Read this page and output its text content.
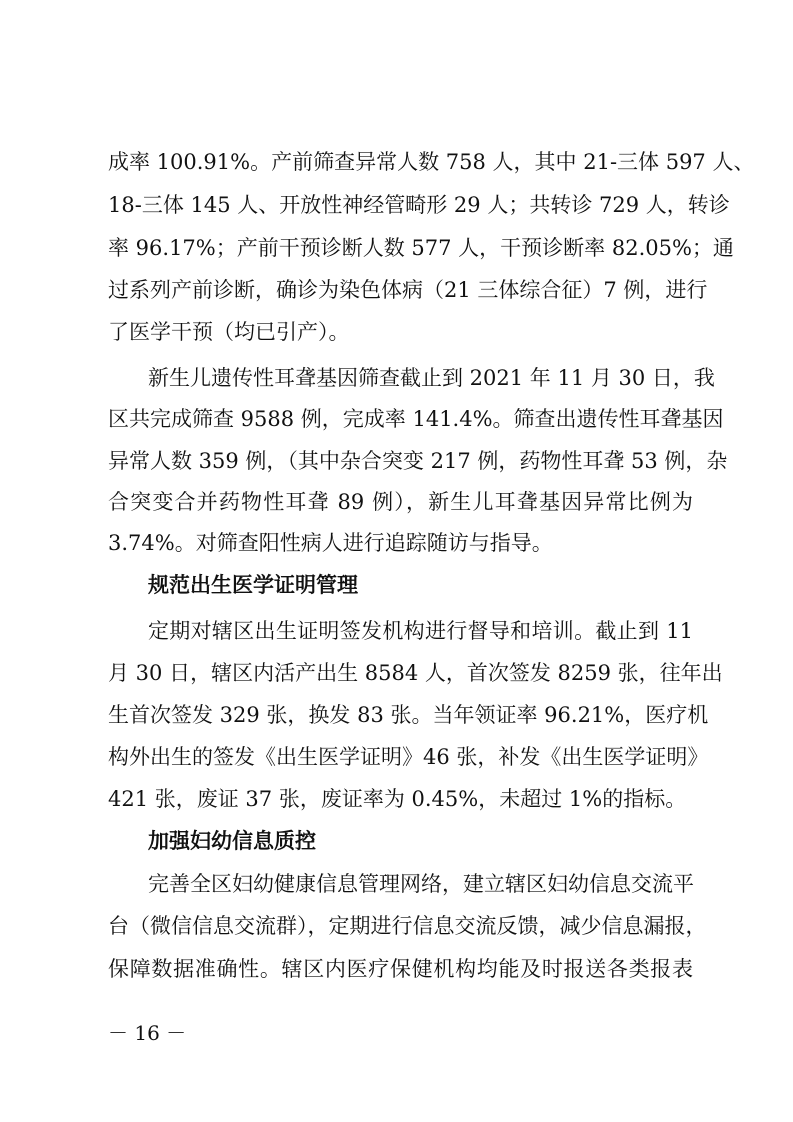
成率 100.91%。产前筛查异常人数 758 人，其中 21-三体 597 人、
18-三体 145 人、开放性神经管畸形 29 人；共转诊 729 人，转诊
率 96.17%；产前干预诊断人数 577 人，干预诊断率 82.05%；通
过系列产前诊断，确诊为染色体病（21 三体综合征）7 例，进行
了医学干预（均已引产）。
新生儿遗传性耳聋基因筛查截止到 2021 年 11 月 30 日，我
区共完成筛查 9588 例，完成率 141.4%。筛查出遗传性耳聋基因
异常人数 359 例，（其中杂合突变 217 例，药物性耳聋 53 例，杂
合突变合并药物性耳聋 89 例），新生儿耳聋基因异常比例为
3.74%。对筛查阳性病人进行追踪随访与指导。
规范出生医学证明管理
定期对辖区出生证明签发机构进行督导和培训。截止到 11
月 30 日，辖区内活产出生 8584 人，首次签发 8259 张，往年出
生首次签发 329 张，换发 83 张。当年领证率 96.21%，医疗机
构外出生的签发《出生医学证明》46 张，补发《出生医学证明》
421 张，废证 37 张，废证率为 0.45%，未超过 1%的指标。
加强妇幼信息质控
完善全区妇幼健康信息管理网络，建立辖区妇幼信息交流平
台（微信信息交流群），定期进行信息交流反馈，减少信息漏报，
保障数据准确性。辖区内医疗保健机构均能及时报送各类报表
－ 16 －
